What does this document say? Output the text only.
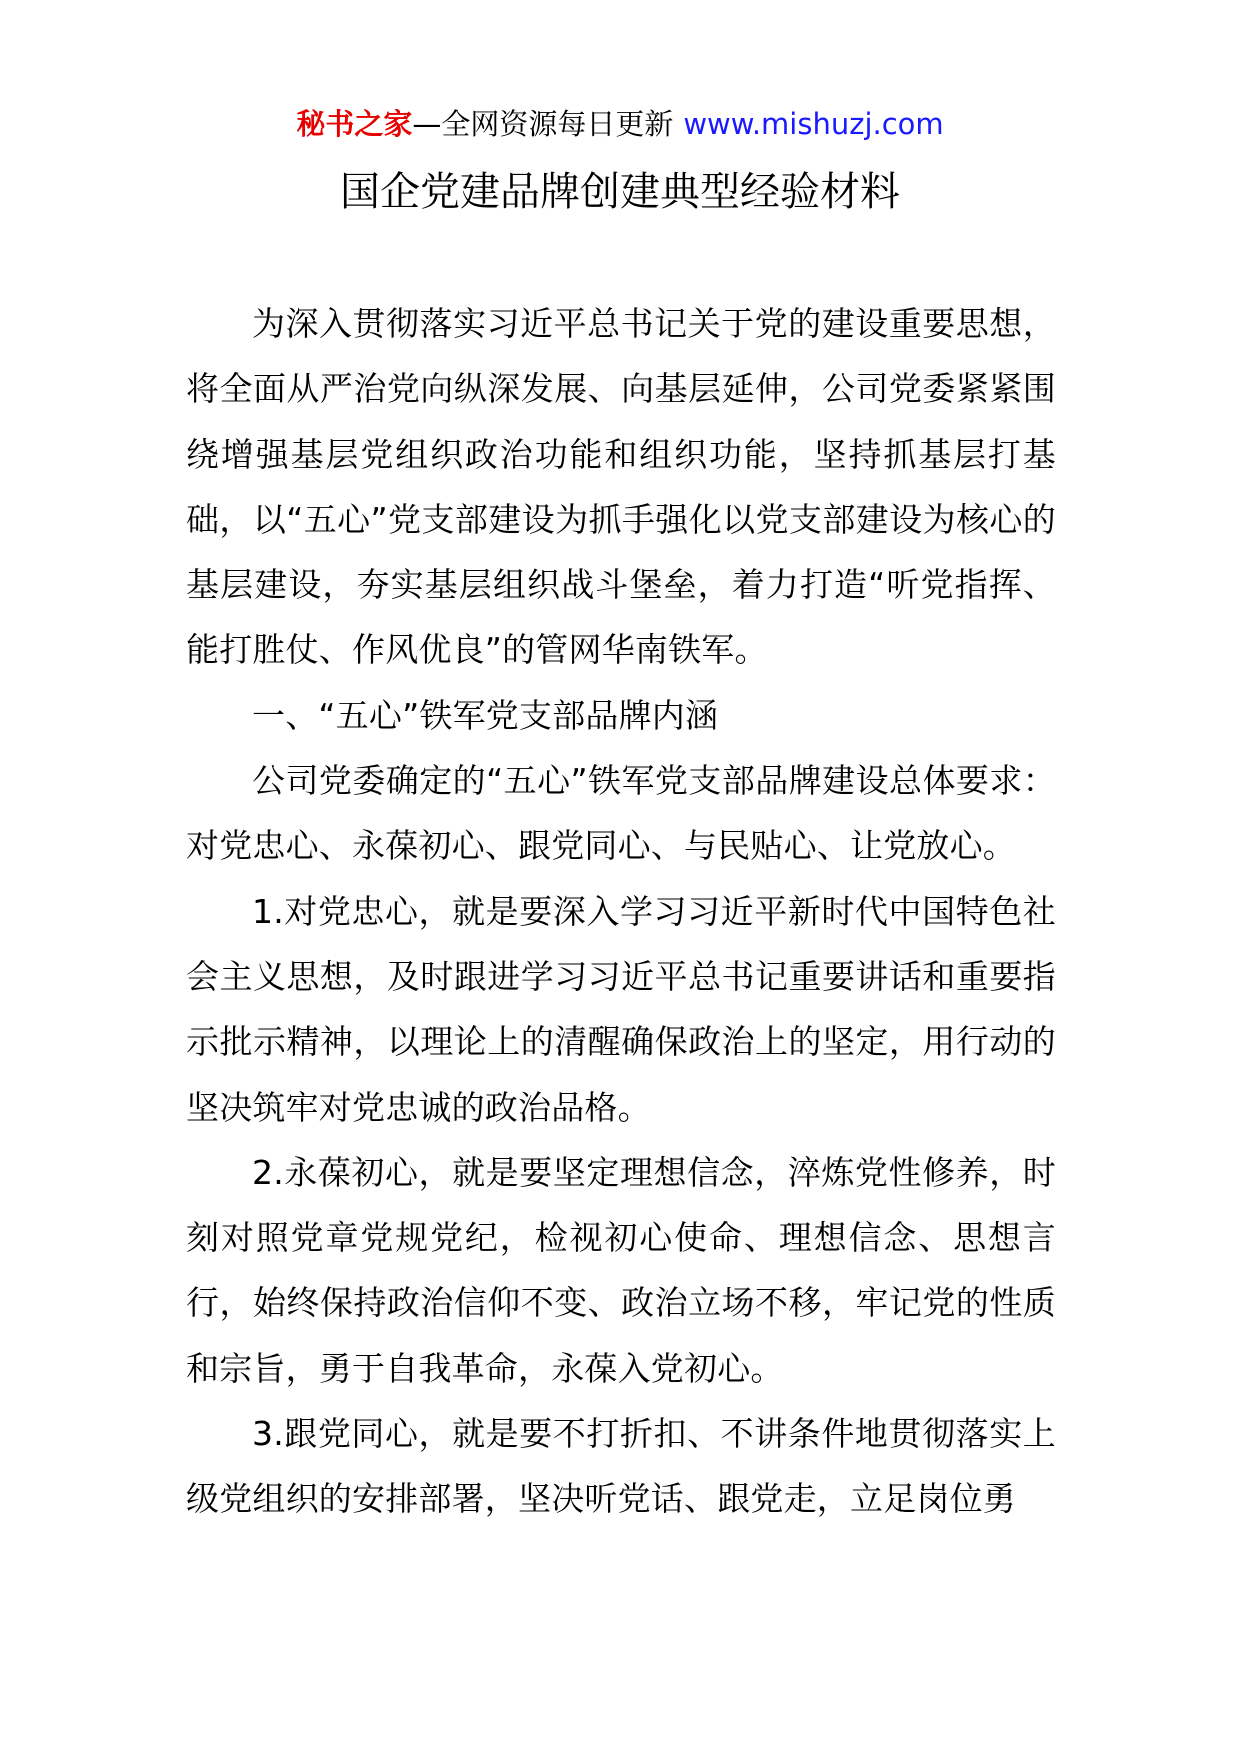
秘书之家—全网资源每日更新 www.mishuzj.com
国企党建品牌创建典型经验材料

为深入贯彻落实习近平总书记关于党的建设重要思想，将全面从严治党向纵深发展、向基层延伸，公司党委紧紧围绕增强基层党组织政治功能和组织功能，坚持抓基层打基础，以“五心”党支部建设为抓手强化以党支部建设为核心的基层建设，夯实基层组织战斗堡垒，着力打造“听党指挥、能打胜仗、作风优良”的管网华南铁军。

一、“五心”铁军党支部品牌内涵

公司党委确定的“五心”铁军党支部品牌建设总体要求：对党忠心、永葆初心、跟党同心、与民贴心、让党放心。

1.对党忠心，就是要深入学习习近平新时代中国特色社会主义思想，及时跟进学习习近平总书记重要讲话和重要指示批示精神，以理论上的清醒确保政治上的坚定，用行动的坚决筑牢对党忠诚的政治品格。

2.永葆初心，就是要坚定理想信念，淬炼党性修养，时刻对照党章党规党纪，检视初心使命、理想信念、思想言行，始终保持政治信仰不变、政治立场不移，牢记党的性质和宗旨，勇于自我革命，永葆入党初心。

3.跟党同心，就是要不打折扣、不讲条件地贯彻落实上级党组织的安排部署，坚决听党话、跟党走，立足岗位勇
